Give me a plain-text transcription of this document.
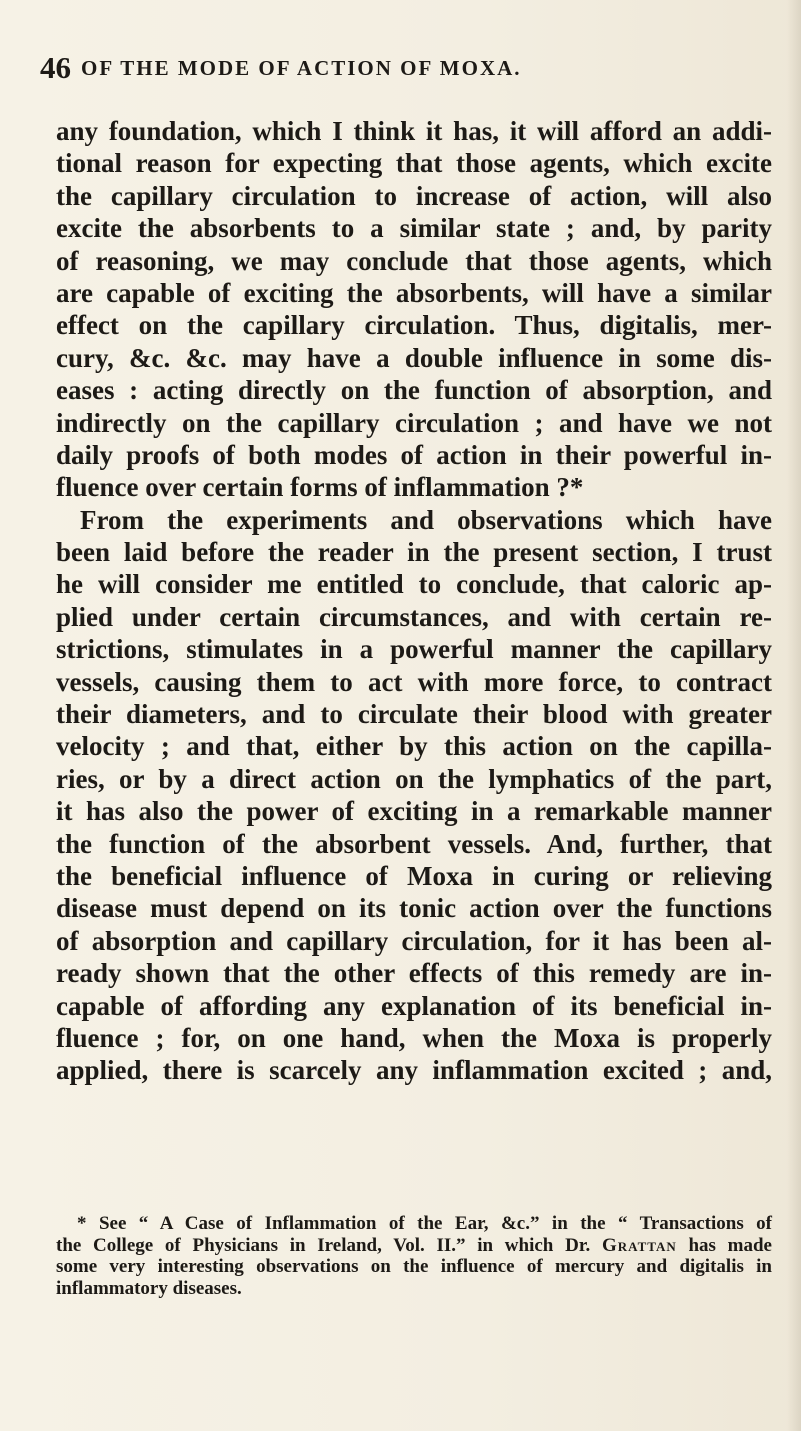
46 OF THE MODE OF ACTION OF MOXA.
any foundation, which I think it has, it will afford an addi-
tional reason for expecting that those agents, which excite
the capillary circulation to increase of action, will also
excite the absorbents to a similar state ; and, by parity
of reasoning, we may conclude that those agents, which
are capable of exciting the absorbents, will have a similar
effect on the capillary circulation. Thus, digitalis, mer-
cury, &c. &c. may have a double influence in some dis-
eases : acting directly on the function of absorption, and
indirectly on the capillary circulation ; and have we not
daily proofs of both modes of action in their powerful in-
fluence over certain forms of inflammation ?*
From the experiments and observations which have
been laid before the reader in the present section, I trust
he will consider me entitled to conclude, that caloric ap-
plied under certain circumstances, and with certain re-
strictions, stimulates in a powerful manner the capillary
vessels, causing them to act with more force, to contract
their diameters, and to circulate their blood with greater
velocity ; and that, either by this action on the capilla-
ries, or by a direct action on the lymphatics of the part,
it has also the power of exciting in a remarkable manner
the function of the absorbent vessels. And, further, that
the beneficial influence of Moxa in curing or relieving
disease must depend on its tonic action over the functions
of absorption and capillary circulation, for it has been al-
ready shown that the other effects of this remedy are in-
capable of affording any explanation of its beneficial in-
fluence ; for, on one hand, when the Moxa is properly
applied, there is scarcely any inflammation excited ; and,
* See “ A Case of Inflammation of the Ear, &c.” in the “ Transactions of
the College of Physicians in Ireland, Vol. II.” in which Dr. Grattan has made
some very interesting observations on the influence of mercury and digitalis in
inflammatory diseases.
